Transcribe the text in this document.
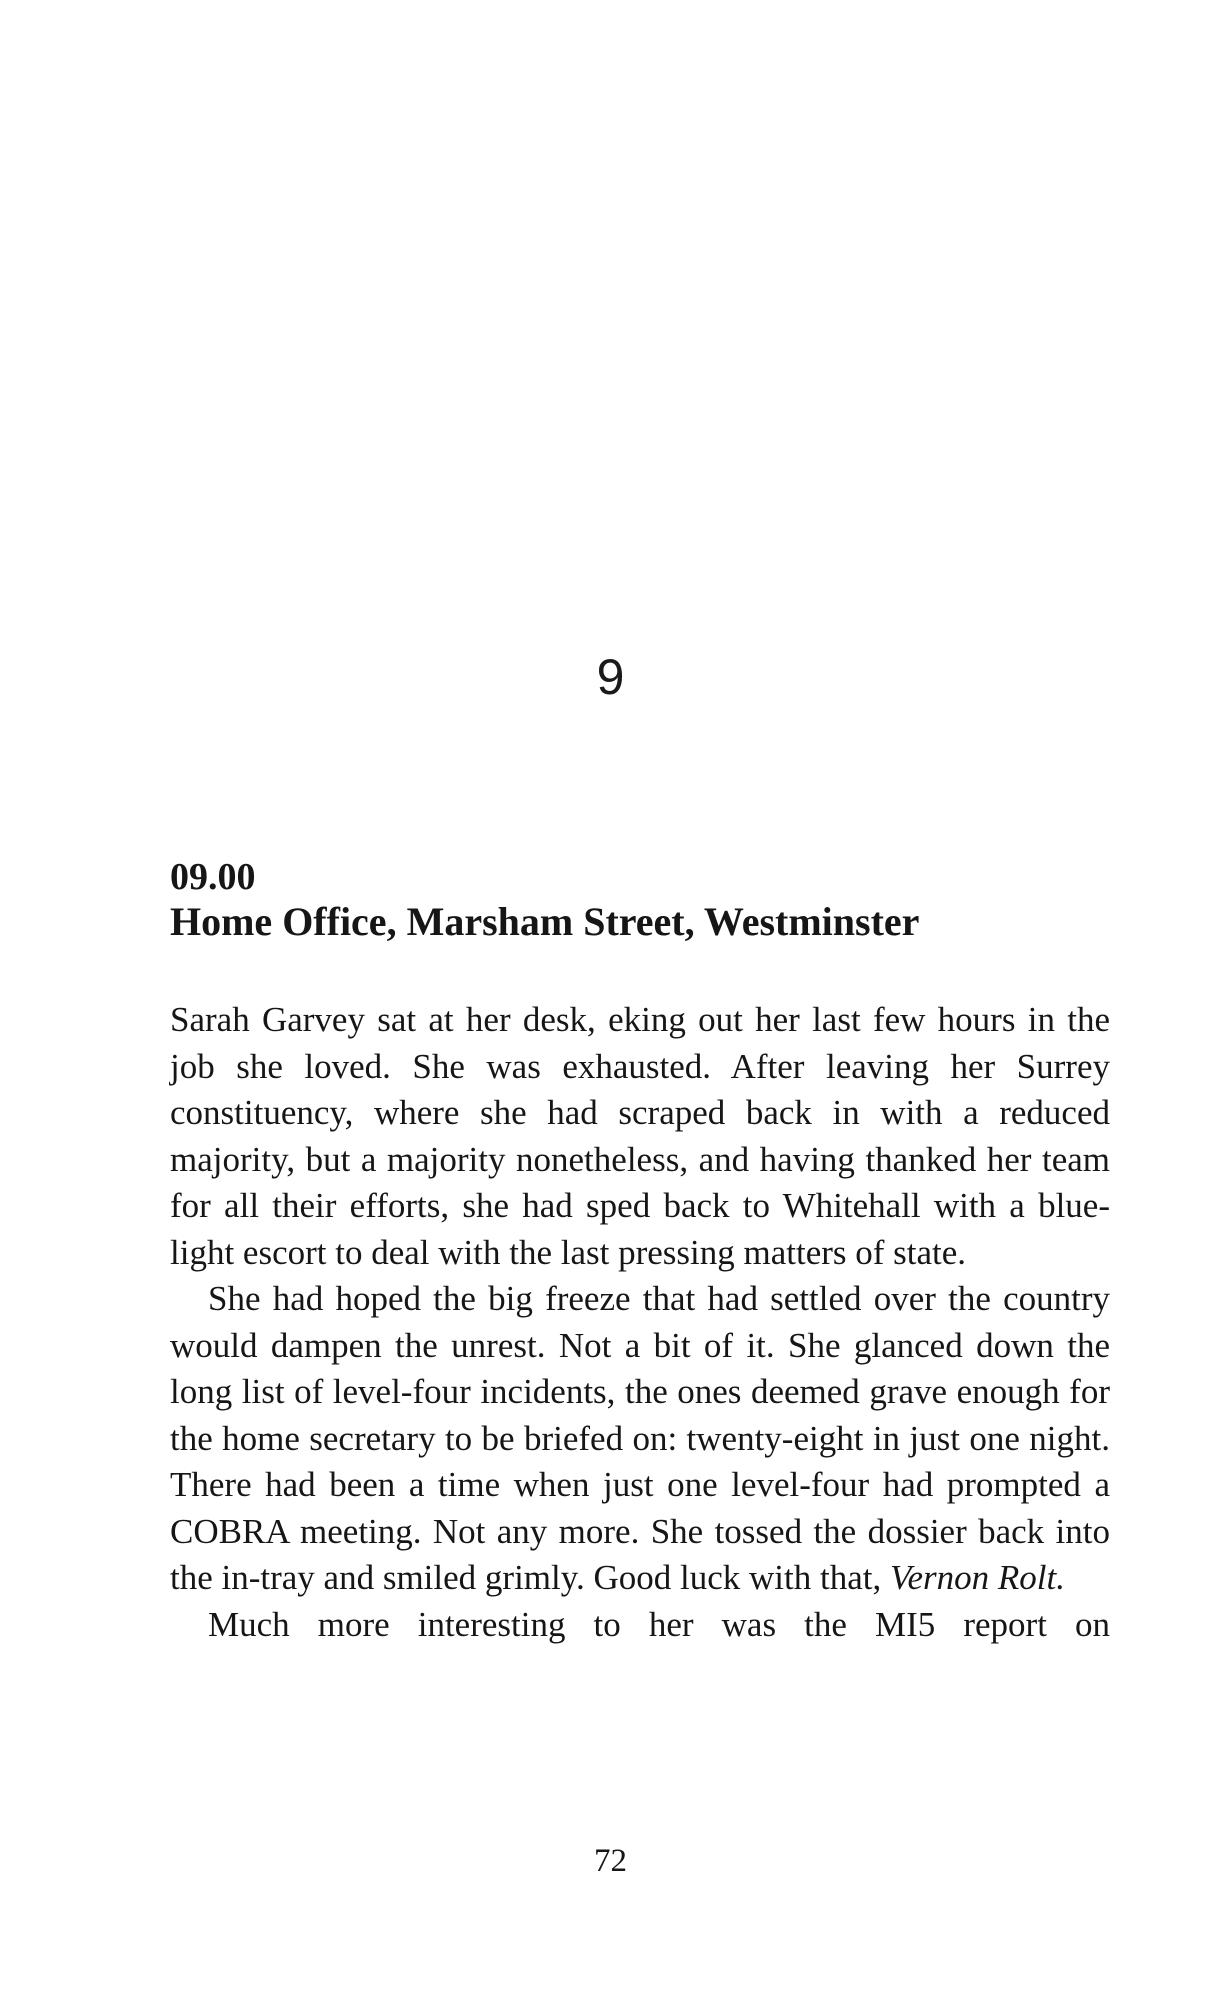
9
09.00
Home Office, Marsham Street, Westminster

Sarah Garvey sat at her desk, eking out her last few hours in the job she loved. She was exhausted. After leaving her Surrey constituency, where she had scraped back in with a reduced majority, but a majority nonetheless, and having thanked her team for all their efforts, she had sped back to Whitehall with a blue-light escort to deal with the last pressing matters of state.

She had hoped the big freeze that had settled over the country would dampen the unrest. Not a bit of it. She glanced down the long list of level-four incidents, the ones deemed grave enough for the home secretary to be briefed on: twenty-eight in just one night. There had been a time when just one level-four had prompted a COBRA meeting. Not any more. She tossed the dossier back into the in-tray and smiled grimly. Good luck with that, Vernon Rolt.

Much more interesting to her was the MI5 report on

72
